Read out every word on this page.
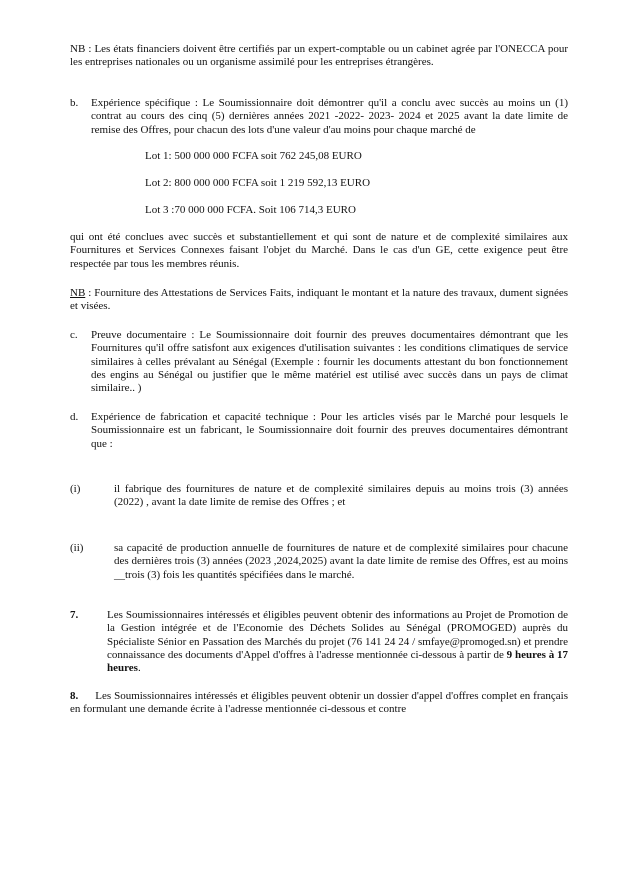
NB : Les états financiers doivent être certifiés par un expert-comptable ou un cabinet agrée par l'ONECCA pour les entreprises nationales ou un organisme assimilé pour les entreprises étrangères.

b. Expérience spécifique : Le Soumissionnaire doit démontrer qu'il a conclu avec succès au moins un (1) contrat au cours des cinq (5) dernières années 2021 -2022- 2023- 2024 et 2025 avant la date limite de remise des Offres, pour chacun des lots d'une valeur d'au moins pour chaque marché de

Lot 1: 500 000 000 FCFA soit 762 245,08 EURO

Lot 2: 800 000 000 FCFA soit 1 219 592,13 EURO

Lot 3 :70 000 000 FCFA. Soit 106 714,3 EURO

qui ont été conclues avec succès et substantiellement et qui sont de nature et de complexité similaires aux Fournitures et Services Connexes faisant l'objet du Marché. Dans le cas d'un GE, cette exigence peut être respectée par tous les membres réunis.

NB : Fourniture des Attestations de Services Faits, indiquant le montant et la nature des travaux, dument signées et visées.

c. Preuve documentaire : Le Soumissionnaire doit fournir des preuves documentaires démontrant que les Fournitures qu'il offre satisfont aux exigences d'utilisation suivantes : les conditions climatiques de service similaires à celles prévalant au Sénégal (Exemple : fournir les documents attestant du bon fonctionnement des engins au Sénégal ou justifier que le même matériel est utilisé avec succès dans un pays de climat similaire.. )

d. Expérience de fabrication et capacité technique : Pour les articles visés par le Marché pour lesquels le Soumissionnaire est un fabricant, le Soumissionnaire doit fournir des preuves documentaires démontrant que :

(i)	il fabrique des fournitures de nature et de complexité similaires depuis au moins trois (3) années (2022) , avant la date limite de remise des Offres ; et

(ii)	sa capacité de production annuelle de fournitures de nature et de complexité similaires pour chacune des dernières trois (3) années (2023 ,2024,2025) avant la date limite de remise des Offres, est au moins __trois (3) fois les quantités spécifiées dans le marché.

7.	Les Soumissionnaires intéressés et éligibles peuvent obtenir des informations au Projet de Promotion de la Gestion intégrée et de l'Economie des Déchets Solides au Sénégal (PROMOGED) auprès du Spécialiste Sénior en Passation des Marchés du projet (76 141 24 24 / smfaye@promoged.sn) et prendre connaissance des documents d'Appel d'offres à l'adresse mentionnée ci-dessous à partir de 9 heures à 17 heures.

8. Les Soumissionnaires intéressés et éligibles peuvent obtenir un dossier d'appel d'offres complet en français en formulant une demande écrite à l'adresse mentionnée ci-dessous et contre
